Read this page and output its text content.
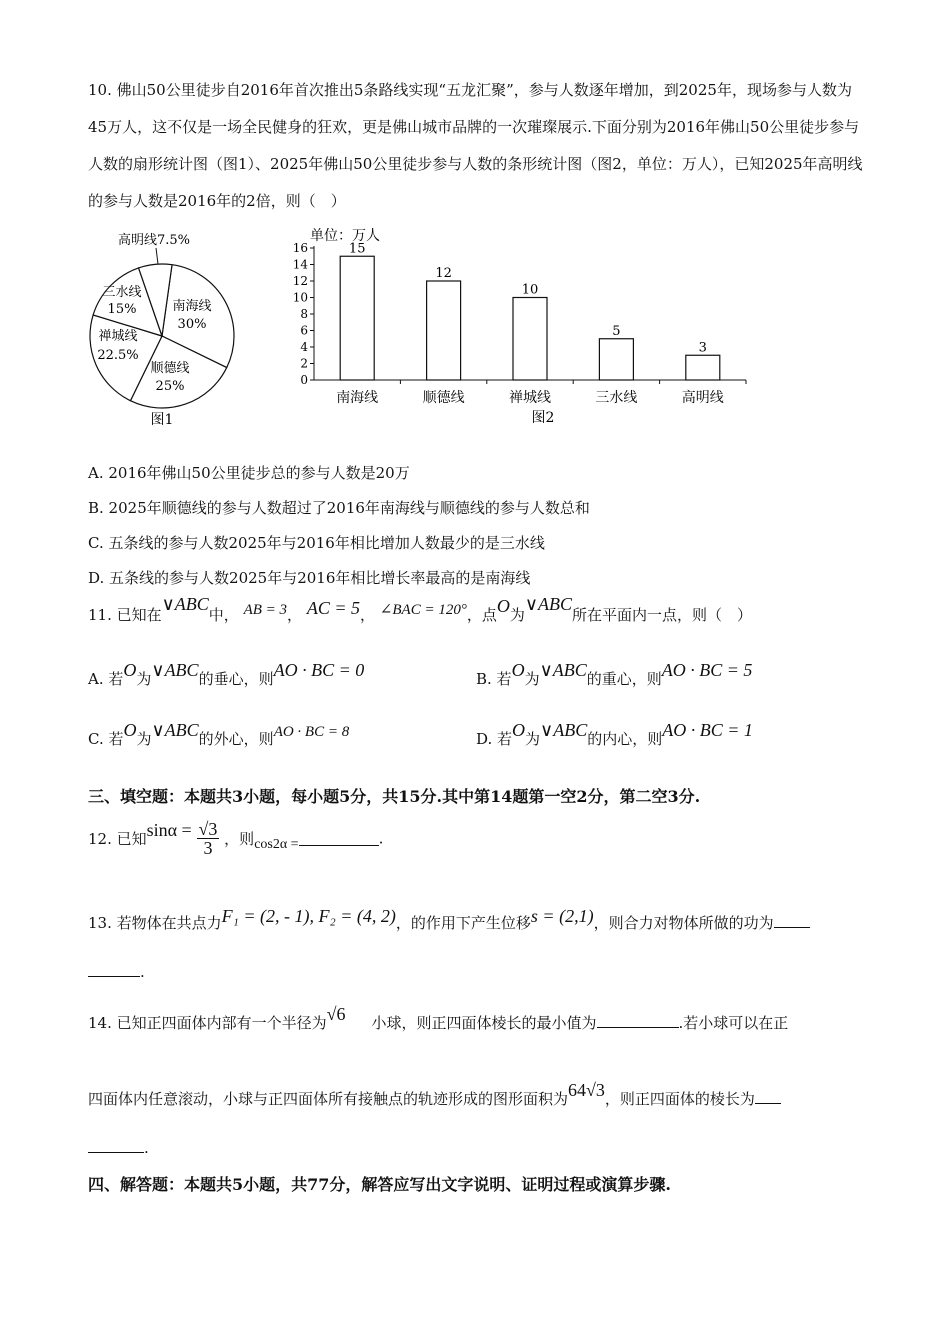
10. 佛山50公里徒步自2016年首次推出5条路线实现“五龙汇聚”，参与人数逐年增加，到2025年，现场参与人数为45万人，这不仅是一场全民健身的狂欢，更是佛山城市品牌的一次璀璨展示.下面分别为2016年佛山50公里徒步参与人数的扇形统计图（图1）、2025年佛山50公里徒步参与人数的条形统计图（图2，单位：万人），已知2025年高明线的参与人数是2016年的2倍，则（　）

南海线
30%
顺德线
25%
禅城线
22.5%
三水线
15%
高明线7.5%
图1
单位：万人
0
2
4
6
8
10
12
14
16	15
南海线
12
顺德线
10
禅城线
5
三水线
3
高明线
图2
A. 2016年佛山50公里徒步总的参与人数是20万
B. 2025年顺德线的参与人数超过了2016年南海线与顺德线的参与人数总和
C. 五条线的参与人数2025年与2016年相比增加人数最少的是三水线
D. 五条线的参与人数2025年与2016年相比增长率最高的是南海线
11. 已知在∨ABC中， AB = 3， AC = 5， ∠BAC = 120°，点O为∨ABC所在平面内一点，则（　）
A. 若O为∨ABC的垂心，则AO · BC = 0	B. 若O为∨ABC的重心，则AO · BC = 5
C. 若O为∨ABC的外心，则AO · BC = 8	D. 若O为∨ABC的内心，则AO · BC = 1
三、填空题：本题共3小题，每小题5分，共15分.其中第14题第一空2分，第二空3分.
12. 已知$\sin\alpha = \frac{√3}{3}$ ，则cos2α =	.
13. 若物体在共点力F₁ = (2, - 1), F₂ = (4, 2)，的作用下产生位移s = (2,1)，则合力对物体所做的功为
.
14. 已知正四面体内部有一个半径为√6 小球，则正四面体棱长的最小值为	.若小球可以在正
四面体内任意滚动，小球与正四面体所有接触点的轨迹形成的图形面积为64√3，则正四面体的棱长为
.
四、解答题：本题共5小题，共77分，解答应写出文字说明、证明过程或演算步骤.
